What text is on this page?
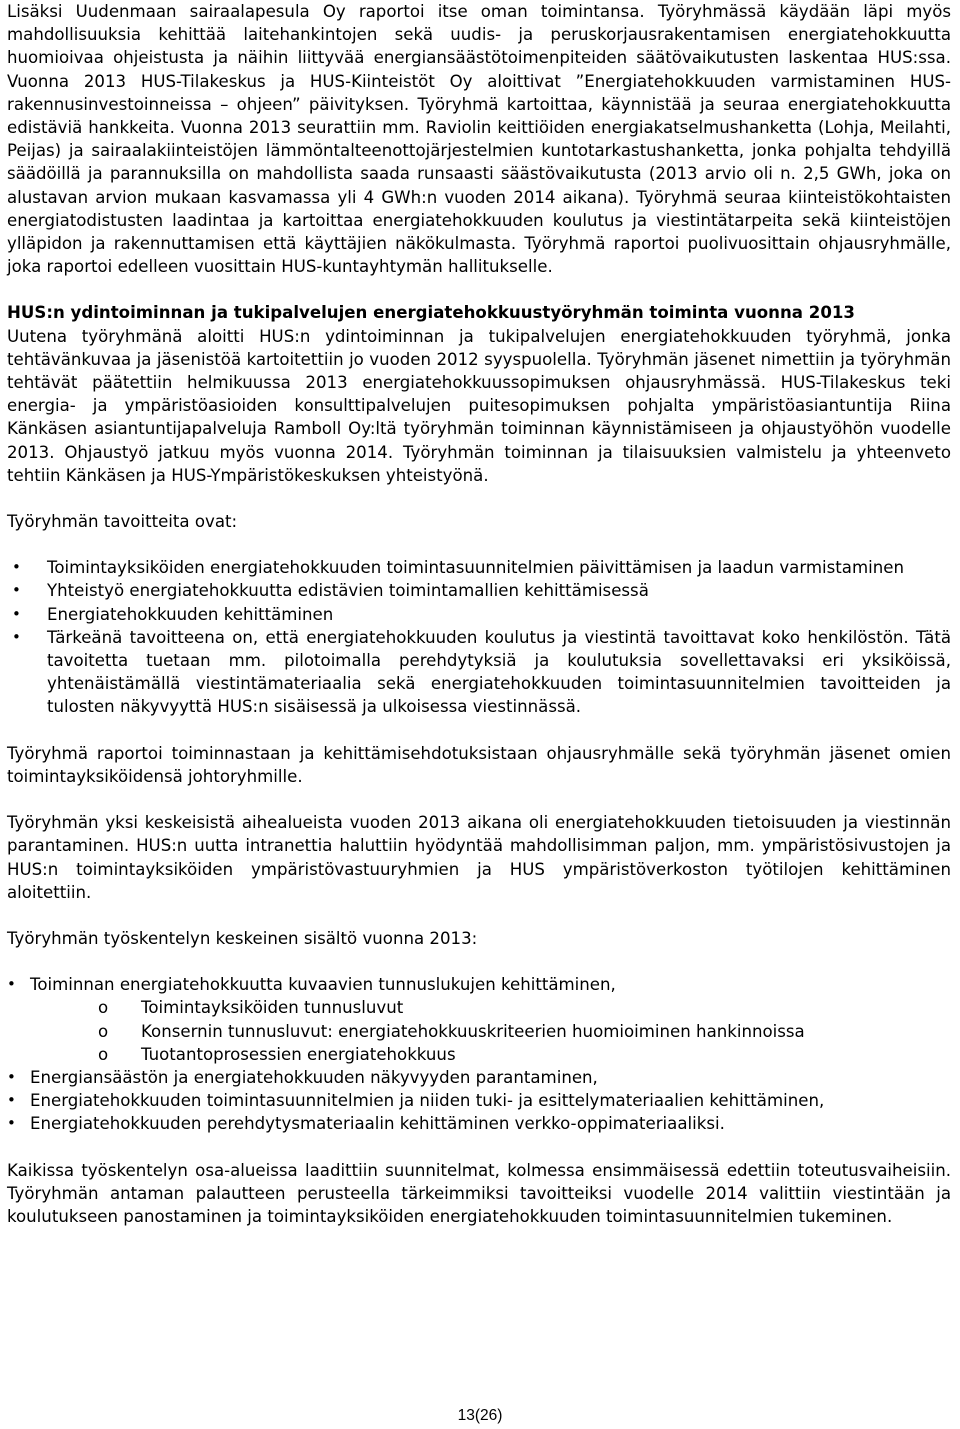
Lisäksi Uudenmaan sairaalapesula Oy raportoi itse oman toimintansa. Työryhmässä käydään läpi myös mahdollisuuksia kehittää laitehankintojen sekä uudis- ja peruskorjausrakentamisen energiatehokkuutta huomioivaa ohjeistusta ja näihin liittyvää energiansäästötoimenpiteiden säätövaikutusten laskentaa HUS:ssa. Vuonna 2013 HUS-Tilakeskus ja HUS-Kiinteistöt Oy aloittivat ”Energiatehokkuuden varmistaminen HUS-rakennusinvestoinneissa – ohjeen” päivityksen. Työryhmä kartoittaa, käynnistää ja seuraa energiatehokkuutta edistäviä hankkeita. Vuonna 2013 seurattiin mm. Raviolin keittiöiden energiakatselmushanketta (Lohja, Meilahti, Peijas) ja sairaalakiinteistöjen lämmöntalteenottojärjestelmien kuntotarkastushanketta, jonka pohjalta tehdyillä säädöillä ja parannuksilla on mahdollista saada runsaasti säästövaikutusta (2013 arvio oli n. 2,5 GWh, joka on alustavan arvion mukaan kasvamassa yli 4 GWh:n vuoden 2014 aikana). Työryhmä seuraa kiinteistökohtaisten energiatodistusten laadintaa ja kartoittaa energiatehokkuuden koulutus ja viestintätarpeita sekä kiinteistöjen ylläpidon ja rakennuttamisen että käyttäjien näkökulmasta. Työryhmä raportoi puolivuosittain ohjausryhmälle, joka raportoi edelleen vuosittain HUS-kuntayhtymän hallitukselle.

HUS:n ydintoiminnan ja tukipalvelujen energiatehokkuustyöryhmän toiminta vuonna 2013

Uutena työryhmänä aloitti HUS:n ydintoiminnan ja tukipalvelujen energiatehokkuuden työryhmä, jonka tehtävänkuvaa ja jäsenistöä kartoitettiin jo vuoden 2012 syyspuolella. Työryhmän jäsenet nimettiin ja työryhmän tehtävät päätettiin helmikuussa 2013 energiatehokkuussopimuksen ohjausryhmässä. HUS-Tilakeskus teki energia- ja ympäristöasioiden konsulttipalvelujen puitesopimuksen pohjalta ympäristöasiantuntija Riina Känkäsen asiantuntijapalveluja Ramboll Oy:ltä työryhmän toiminnan käynnistämiseen ja ohjaustyöhön vuodelle 2013. Ohjaustyö jatkuu myös vuonna 2014. Työryhmän toiminnan ja tilaisuuksien valmistelu ja yhteenveto tehtiin Känkäsen ja HUS-Ympäristökeskuksen yhteistyönä.

Työryhmän tavoitteita ovat:

• Toimintayksiköiden energiatehokkuuden toimintasuunnitelmien päivittämisen ja laadun varmistaminen
• Yhteistyö energiatehokkuutta edistävien toimintamallien kehittämisessä
• Energiatehokkuuden kehittäminen
• Tärkeänä tavoitteena on, että energiatehokkuuden koulutus ja viestintä tavoittavat koko henkilöstön. Tätä tavoitetta tuetaan mm. pilotoimalla perehdytyksiä ja koulutuksia sovellettavaksi eri yksiköissä, yhtenäistämällä viestintämateriaalia sekä energiatehokkuuden toimintasuunnitelmien tavoitteiden ja tulosten näkyvyyttä HUS:n sisäisessä ja ulkoisessa viestinnässä.

Työryhmä raportoi toiminnastaan ja kehittämisehdotuksistaan ohjausryhmälle sekä työryhmän jäsenet omien toimintayksiköidensä johtoryhmille.

Työryhmän yksi keskeisistä aihealueista vuoden 2013 aikana oli energiatehokkuuden tietoisuuden ja viestinnän parantaminen. HUS:n uutta intranettia haluttiin hyödyntää mahdollisimman paljon, mm. ympäristösivustojen ja HUS:n toimintayksiköiden ympäristövastuuryhmien ja HUS ympäristöverkoston työtilojen kehittäminen aloitettiin.

Työryhmän työskentelyn keskeinen sisältö vuonna 2013:

• Toiminnan energiatehokkuutta kuvaavien tunnuslukujen kehittäminen,
o Toimintayksiköiden tunnusluvut
o Konsernin tunnusluvut: energiatehokkuuskriteerien huomioiminen hankinnoissa
o Tuotantoprosessien energiatehokkuus
• Energiansäästön ja energiatehokkuuden näkyvyyden parantaminen,
• Energiatehokkuuden toimintasuunnitelmien ja niiden tuki- ja esittelymateriaalien kehittäminen,
• Energiatehokkuuden perehdytysmateriaalin kehittäminen verkko-oppimateriaaliksi.

Kaikissa työskentelyn osa-alueissa laadittiin suunnitelmat, kolmessa ensimmäisessä edettiin toteutusvaiheisiin. Työryhmän antaman palautteen perusteella tärkeimmiksi tavoitteiksi vuodelle 2014 valittiin viestintään ja koulutukseen panostaminen ja toimintayksiköiden energiatehokkuuden toimintasuunnitelmien tukeminen.

13(26)
